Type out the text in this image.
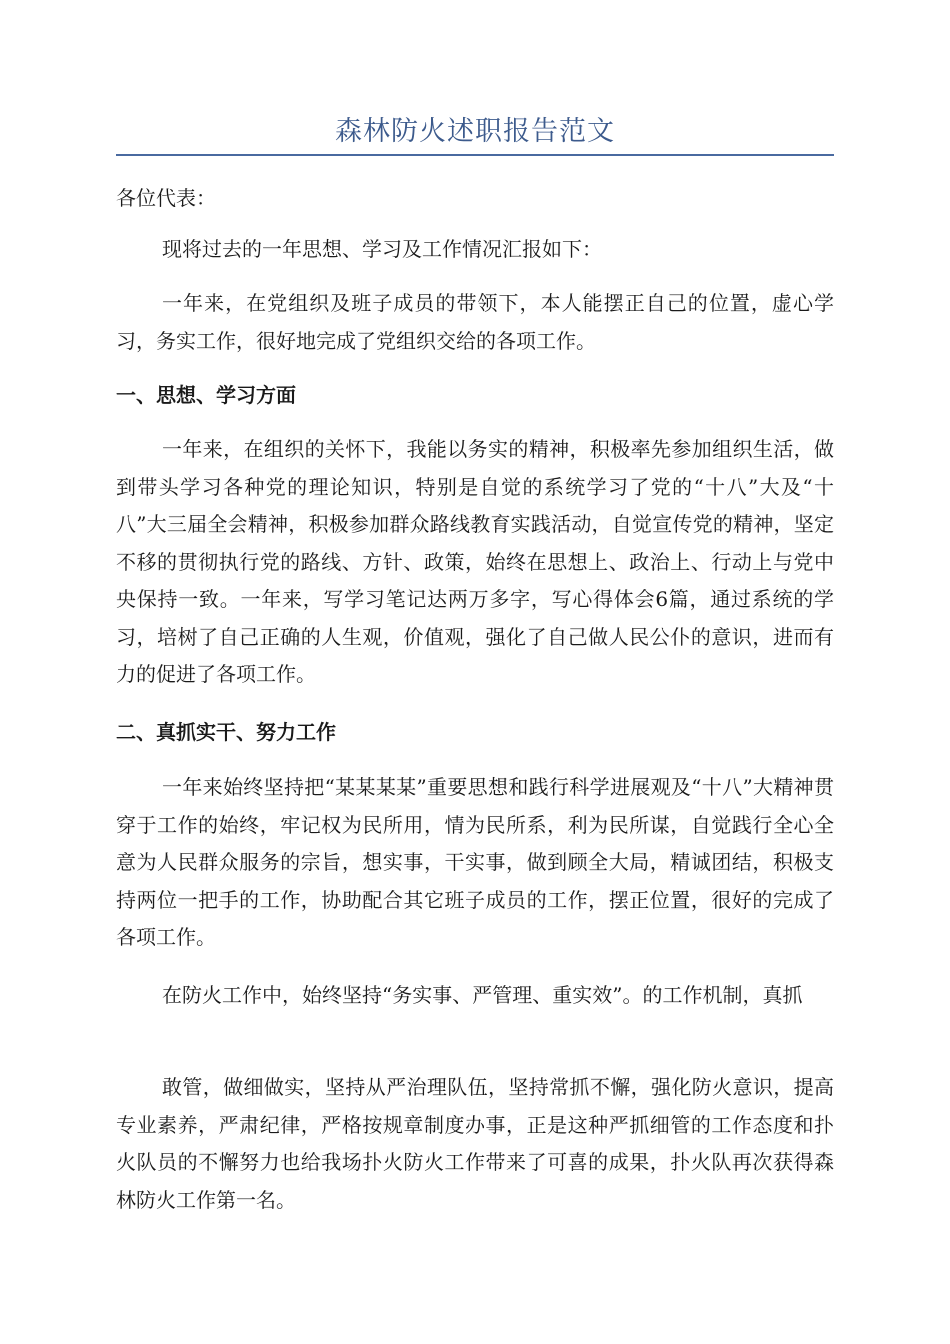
森林防火述职报告范文

各位代表：

现将过去的一年思想、学习及工作情况汇报如下：

一年来，在党组织及班子成员的带领下，本人能摆正自己的位置，虚心学习，务实工作，很好地完成了党组织交给的各项工作。

一、思想、学习方面

一年来，在组织的关怀下，我能以务实的精神，积极率先参加组织生活，做到带头学习各种党的理论知识，特别是自觉的系统学习了党的“十八”大及“十八”大三届全会精神，积极参加群众路线教育实践活动，自觉宣传党的精神，坚定不移的贯彻执行党的路线、方针、政策，始终在思想上、政治上、行动上与党中央保持一致。一年来，写学习笔记达两万多字，写心得体会6篇，通过系统的学习，培树了自己正确的人生观，价值观，强化了自己做人民公仆的意识，进而有力的促进了各项工作。

二、真抓实干、努力工作

一年来始终坚持把“某某某某”重要思想和践行科学进展观及“十八”大精神贯穿于工作的始终，牢记权为民所用，情为民所系，利为民所谋，自觉践行全心全意为人民群众服务的宗旨，想实事，干实事，做到顾全大局，精诚团结，积极支持两位一把手的工作，协助配合其它班子成员的工作，摆正位置，很好的完成了各项工作。

在防火工作中，始终坚持“务实事、严管理、重实效”。的工作机制，真抓

敢管，做细做实，坚持从严治理队伍，坚持常抓不懈，强化防火意识，提高专业素养，严肃纪律，严格按规章制度办事，正是这种严抓细管的工作态度和扑火队员的不懈努力也给我场扑火防火工作带来了可喜的成果，扑火队再次获得森林防火工作第一名。
